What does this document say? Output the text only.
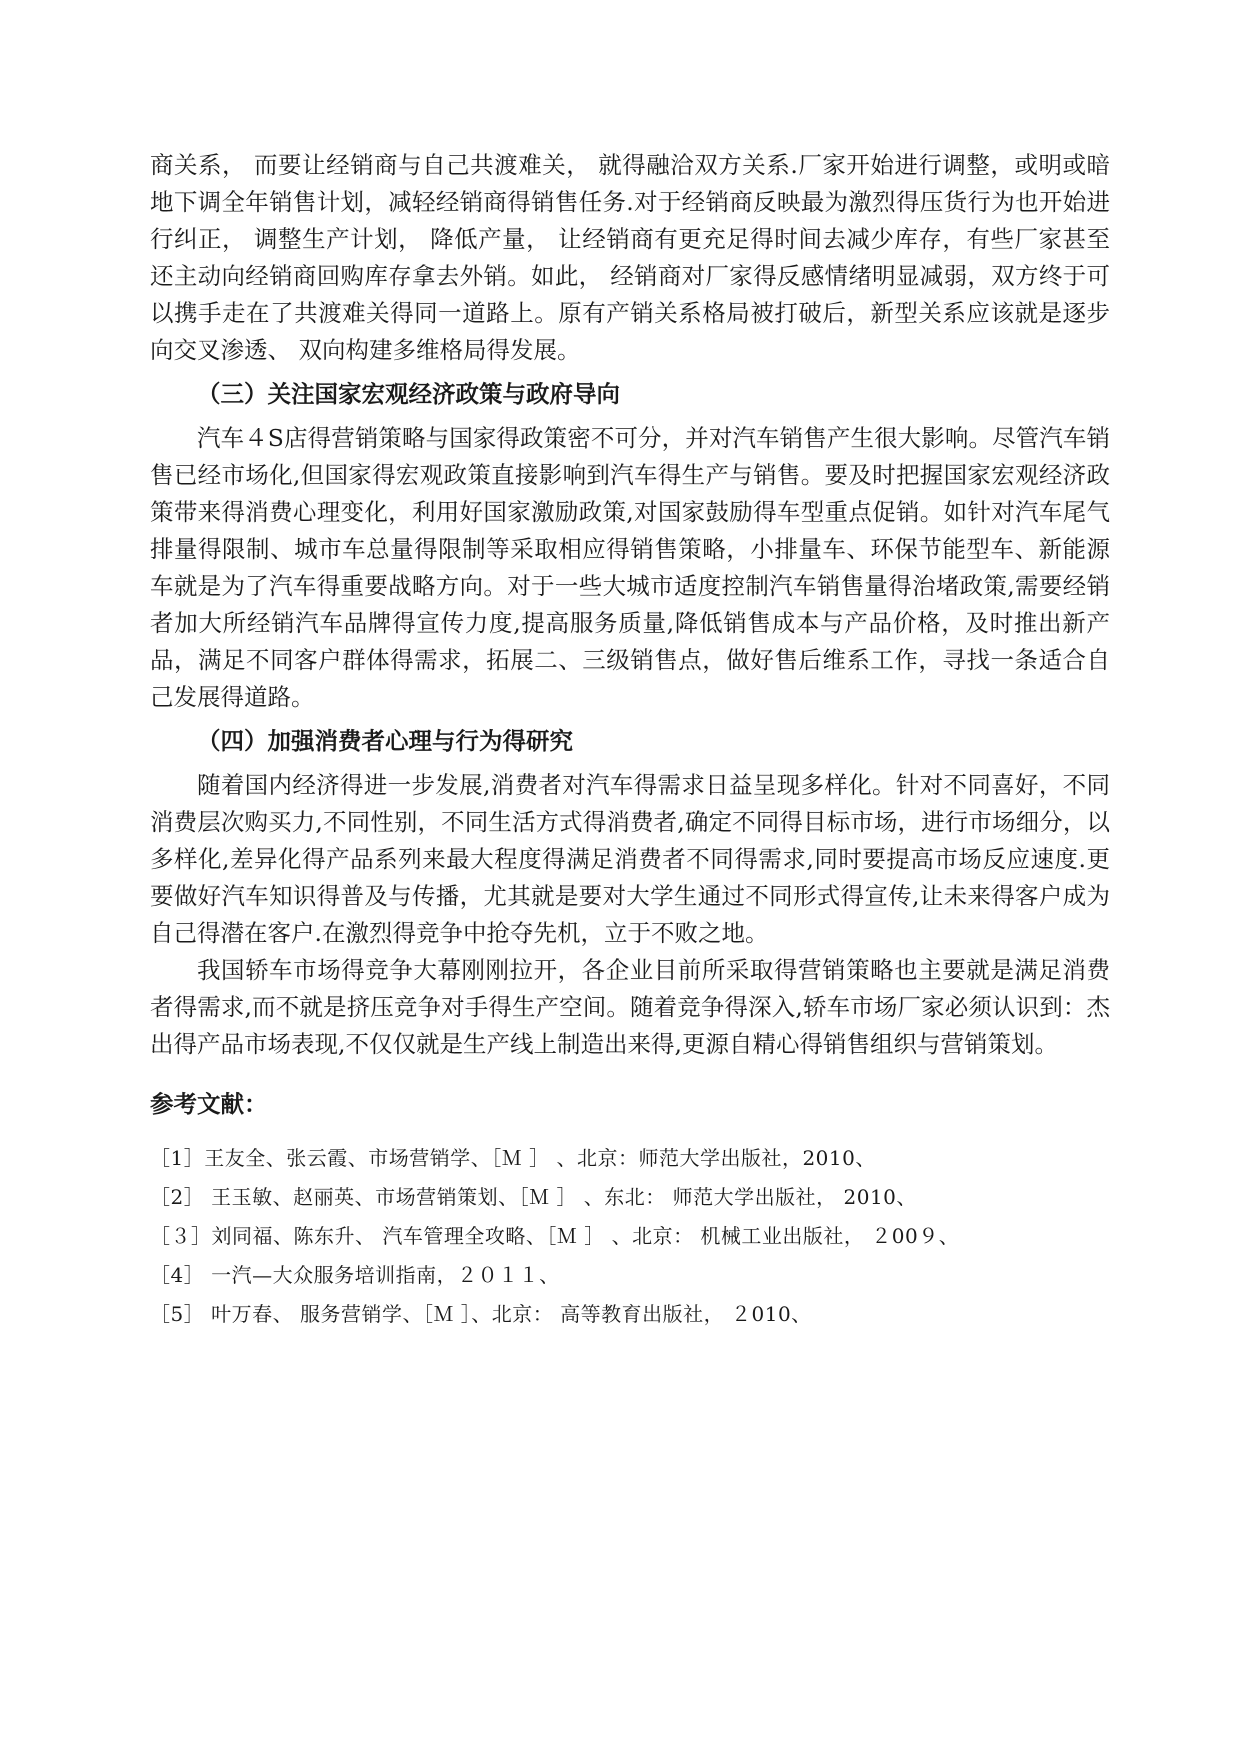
商关系， 而要让经销商与自己共渡难关， 就得融洽双方关系.厂家开始进行调整，或明或暗地下调全年销售计划，减轻经销商得销售任务.对于经销商反映最为激烈得压货行为也开始进行纠正， 调整生产计划， 降低产量， 让经销商有更充足得时间去减少库存，有些厂家甚至还主动向经销商回购库存拿去外销。如此， 经销商对厂家得反感情绪明显减弱，双方终于可以携手走在了共渡难关得同一道路上。原有产销关系格局被打破后，新型关系应该就是逐步向交叉渗透、 双向构建多维格局得发展。

（三）关注国家宏观经济政策与政府导向

汽车４S店得营销策略与国家得政策密不可分，并对汽车销售产生很大影响。尽管汽车销售已经市场化,但国家得宏观政策直接影响到汽车得生产与销售。要及时把握国家宏观经济政策带来得消费心理变化，利用好国家激励政策,对国家鼓励得车型重点促销。如针对汽车尾气排量得限制、城市车总量得限制等采取相应得销售策略，小排量车、环保节能型车、新能源车就是为了汽车得重要战略方向。对于一些大城市适度控制汽车销售量得治堵政策,需要经销者加大所经销汽车品牌得宣传力度,提高服务质量,降低销售成本与产品价格，及时推出新产品，满足不同客户群体得需求，拓展二、三级销售点，做好售后维系工作，寻找一条适合自己发展得道路。

（四）加强消费者心理与行为得研究

随着国内经济得进一步发展,消费者对汽车得需求日益呈现多样化。针对不同喜好，不同消费层次购买力,不同性别，不同生活方式得消费者,确定不同得目标市场，进行市场细分，以多样化,差异化得产品系列来最大程度得满足消费者不同得需求,同时要提高市场反应速度.更要做好汽车知识得普及与传播，尤其就是要对大学生通过不同形式得宣传,让未来得客户成为自己得潜在客户.在激烈得竞争中抢夺先机，立于不败之地。

我国轿车市场得竞争大幕刚刚拉开，各企业目前所采取得营销策略也主要就是满足消费者得需求,而不就是挤压竞争对手得生产空间。随着竞争得深入,轿车市场厂家必须认识到：杰出得产品市场表现,不仅仅就是生产线上制造出来得,更源自精心得销售组织与营销策划。

参考文献：

［1］王友全、张云霞、市场营销学、［Ｍ ］ 、北京：师范大学出版社，2010、
［2］ 王玉敏、赵丽英、市场营销策划、［Ｍ ］ 、东北： 师范大学出版社， 2010、
［３］刘同福、陈东升、 汽车管理全攻略、［Ｍ ］ 、北京： 机械工业出版社， ２00９、
［4］ 一汽—大众服务培训指南，２０１１、
［5］ 叶万春、 服务营销学、［Ｍ ］、北京： 高等教育出版社， ２010、
